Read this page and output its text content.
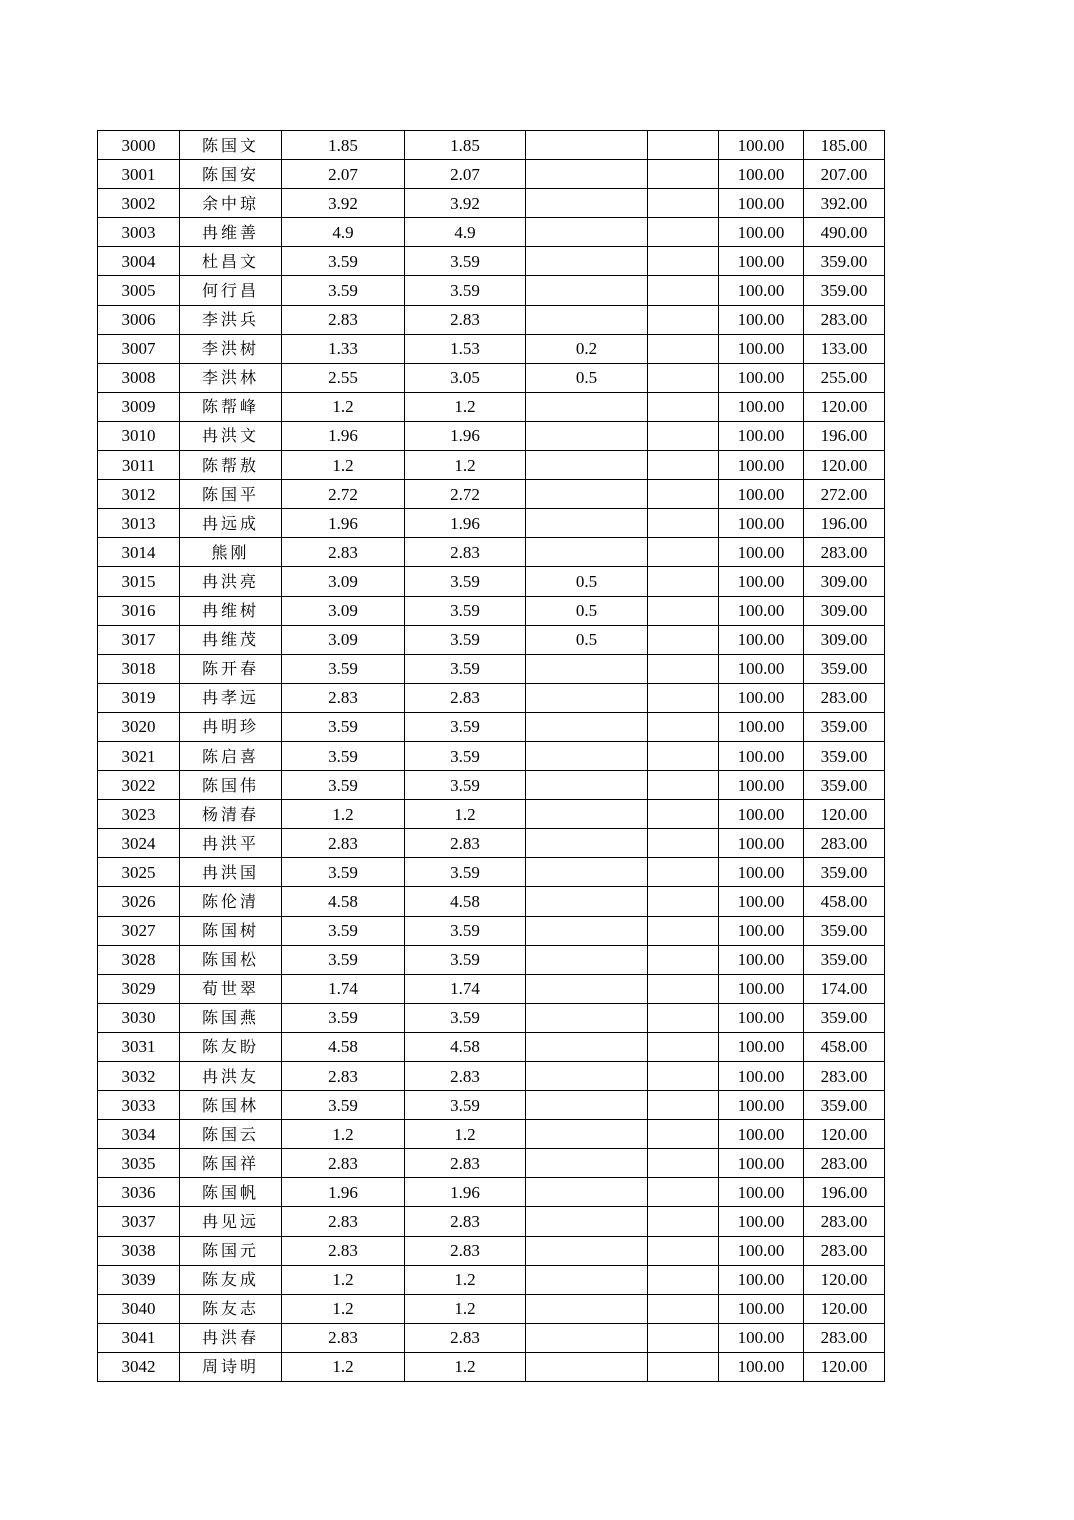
3000	陈国文	1.85	1.85			100.00	185.00
3001	陈国安	2.07	2.07			100.00	207.00
3002	余中琼	3.92	3.92			100.00	392.00
3003	冉维善	4.9	4.9			100.00	490.00
3004	杜昌文	3.59	3.59			100.00	359.00
3005	何行昌	3.59	3.59			100.00	359.00
3006	李洪兵	2.83	2.83			100.00	283.00
3007	李洪树	1.33	1.53	0.2		100.00	133.00
3008	李洪林	2.55	3.05	0.5		100.00	255.00
3009	陈帮峰	1.2	1.2			100.00	120.00
3010	冉洪文	1.96	1.96			100.00	196.00
3011	陈帮敖	1.2	1.2			100.00	120.00
3012	陈国平	2.72	2.72			100.00	272.00
3013	冉远成	1.96	1.96			100.00	196.00
3014	熊刚	2.83	2.83			100.00	283.00
3015	冉洪亮	3.09	3.59	0.5		100.00	309.00
3016	冉维树	3.09	3.59	0.5		100.00	309.00
3017	冉维茂	3.09	3.59	0.5		100.00	309.00
3018	陈开春	3.59	3.59			100.00	359.00
3019	冉孝远	2.83	2.83			100.00	283.00
3020	冉明珍	3.59	3.59			100.00	359.00
3021	陈启喜	3.59	3.59			100.00	359.00
3022	陈国伟	3.59	3.59			100.00	359.00
3023	杨清春	1.2	1.2			100.00	120.00
3024	冉洪平	2.83	2.83			100.00	283.00
3025	冉洪国	3.59	3.59			100.00	359.00
3026	陈伦清	4.58	4.58			100.00	458.00
3027	陈国树	3.59	3.59			100.00	359.00
3028	陈国松	3.59	3.59			100.00	359.00
3029	荀世翠	1.74	1.74			100.00	174.00
3030	陈国燕	3.59	3.59			100.00	359.00
3031	陈友盼	4.58	4.58			100.00	458.00
3032	冉洪友	2.83	2.83			100.00	283.00
3033	陈国林	3.59	3.59			100.00	359.00
3034	陈国云	1.2	1.2			100.00	120.00
3035	陈国祥	2.83	2.83			100.00	283.00
3036	陈国帆	1.96	1.96			100.00	196.00
3037	冉见远	2.83	2.83			100.00	283.00
3038	陈国元	2.83	2.83			100.00	283.00
3039	陈友成	1.2	1.2			100.00	120.00
3040	陈友志	1.2	1.2			100.00	120.00
3041	冉洪春	2.83	2.83			100.00	283.00
3042	周诗明	1.2	1.2			100.00	120.00
